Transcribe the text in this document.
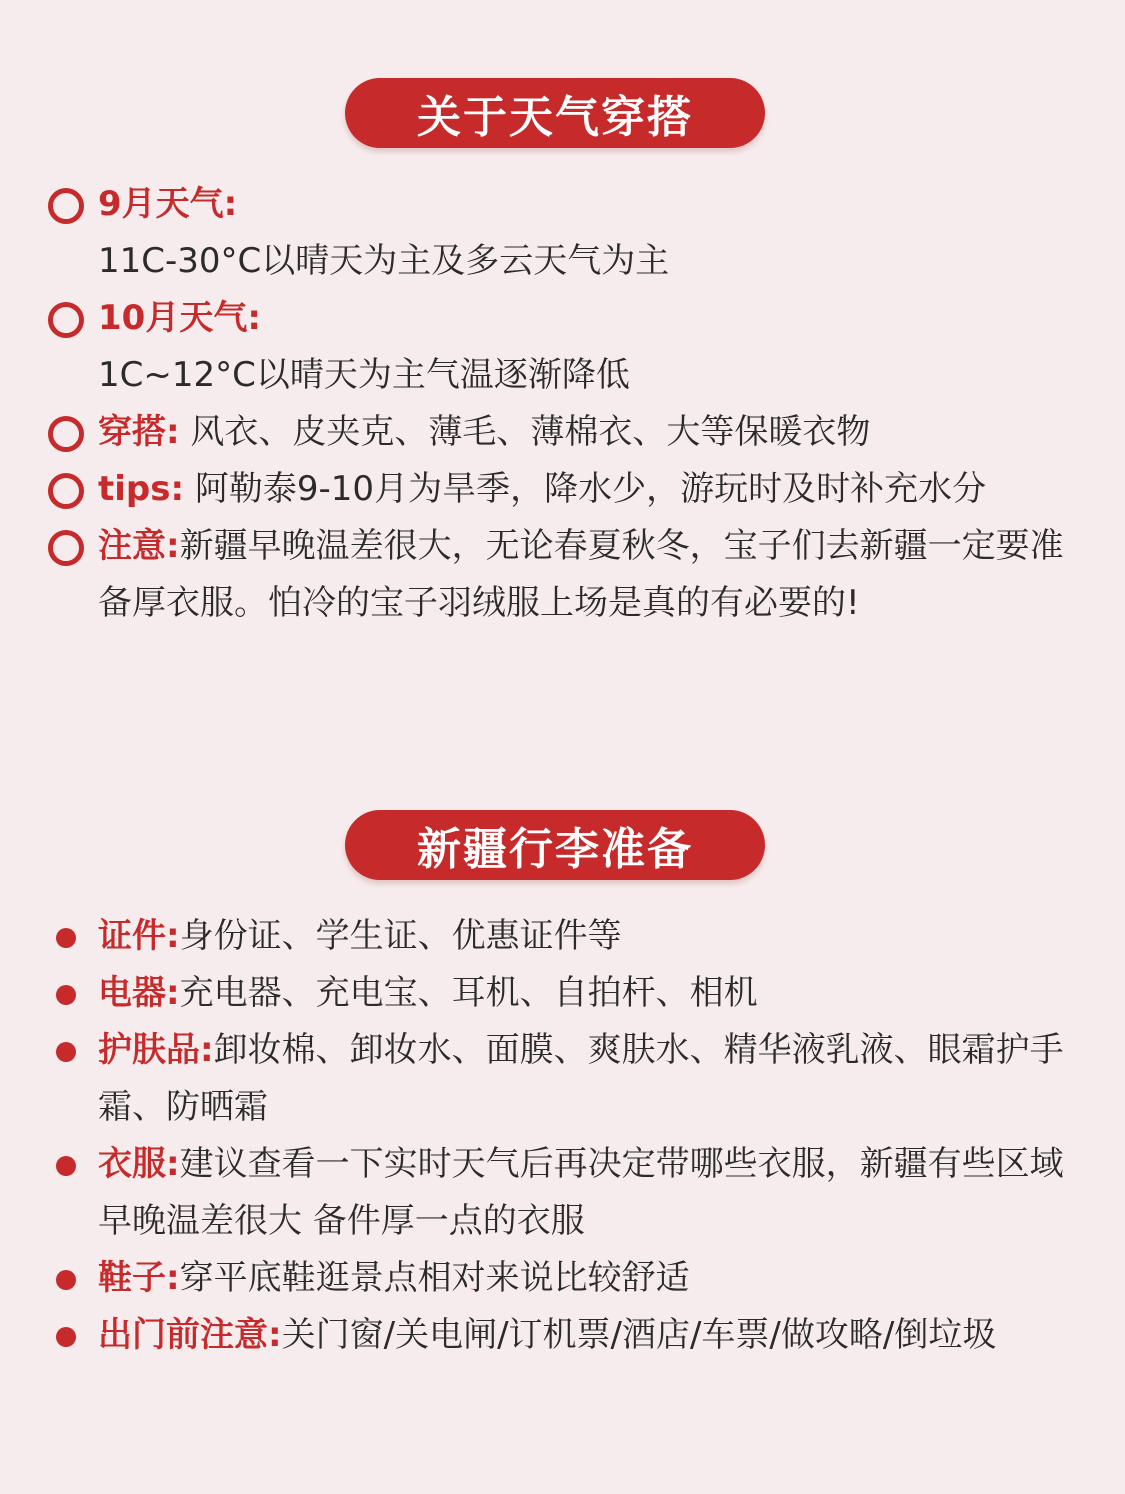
关于天气穿搭
9月天气:
11C-30°C以晴天为主及多云天气为主
10月天气:
1C~12°C以晴天为主气温逐渐降低
穿搭: 风衣、皮夹克、薄毛、薄棉衣、大等保暖衣物
tips: 阿勒泰9-10月为旱季，降水少，游玩时及时补充水分
注意:新疆早晚温差很大，无论春夏秋冬，宝子们去新疆一定要准备厚衣服。怕冷的宝子羽绒服上场是真的有必要的!
新疆行李准备
证件:身份证、学生证、优惠证件等
电器:充电器、充电宝、耳机、自拍杆、相机
护肤品:卸妆棉、卸妆水、面膜、爽肤水、精华液乳液、眼霜护手霜、防晒霜
衣服:建议查看一下实时天气后再决定带哪些衣服，新疆有些区域早晚温差很大 备件厚一点的衣服
鞋子:穿平底鞋逛景点相对来说比较舒适
出门前注意:关门窗/关电闸/订机票/酒店/车票/做攻略/倒垃圾
